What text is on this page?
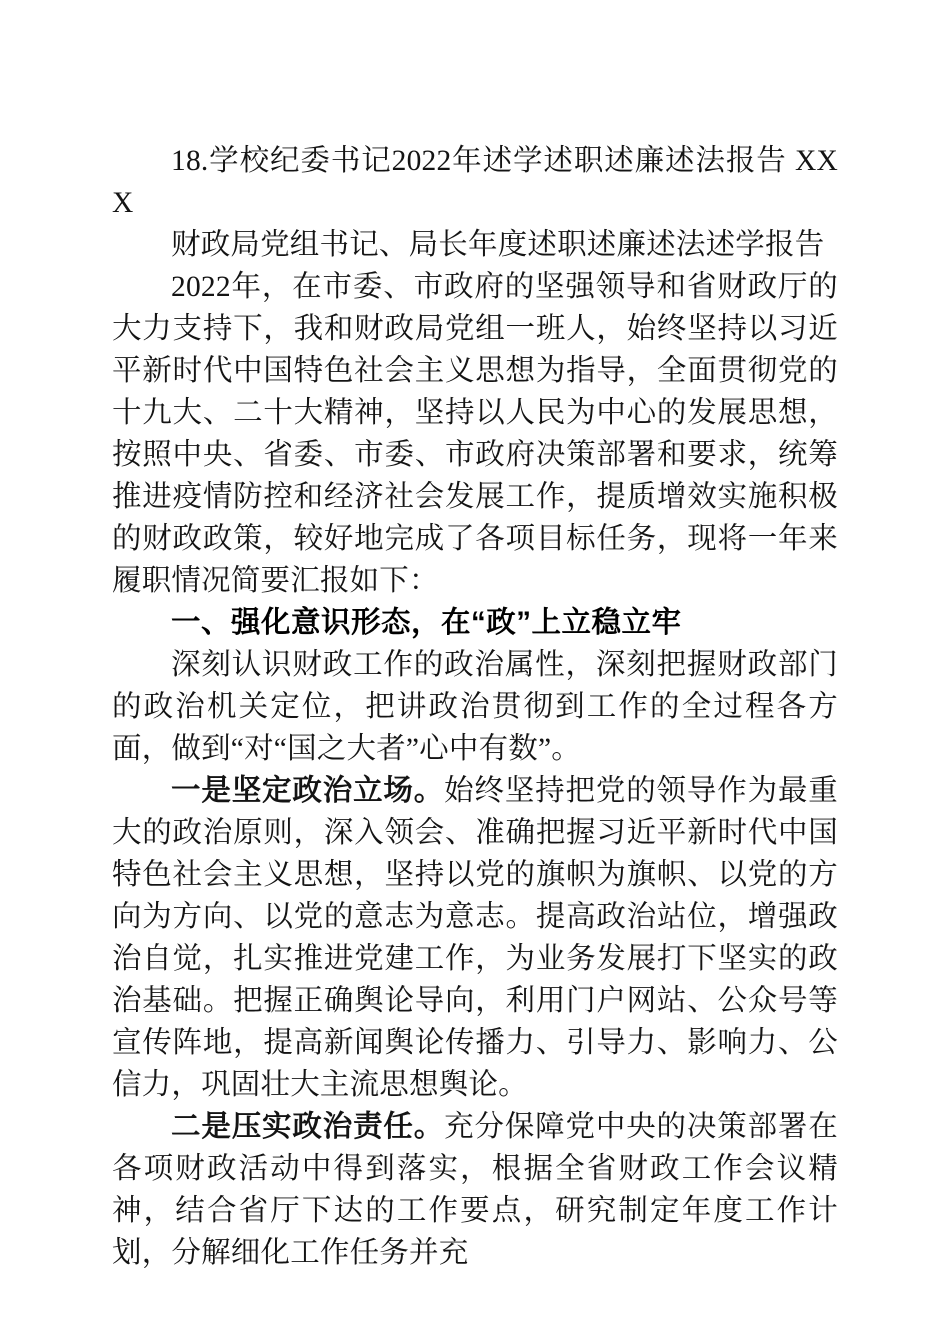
18.学校纪委书记2022年述学述职述廉述法报告 XXX

财政局党组书记、局长年度述职述廉述法述学报告

2022年，在市委、市政府的坚强领导和省财政厅的大力支持下，我和财政局党组一班人，始终坚持以习近平新时代中国特色社会主义思想为指导，全面贯彻党的十九大、二十大精神，坚持以人民为中心的发展思想，按照中央、省委、市委、市政府决策部署和要求，统筹推进疫情防控和经济社会发展工作，提质增效实施积极的财政政策，较好地完成了各项目标任务，现将一年来履职情况简要汇报如下：

一、强化意识形态，在“政”上立稳立牢

深刻认识财政工作的政治属性，深刻把握财政部门的政治机关定位，把讲政治贯彻到工作的全过程各方面，做到“对“国之大者”心中有数”。

一是坚定政治立场。始终坚持把党的领导作为最重大的政治原则，深入领会、准确把握习近平新时代中国特色社会主义思想，坚持以党的旗帜为旗帜、以党的方向为方向、以党的意志为意志。提高政治站位，增强政治自觉，扎实推进党建工作，为业务发展打下坚实的政治基础。把握正确舆论导向，利用门户网站、公众号等宣传阵地，提高新闻舆论传播力、引导力、影响力、公信力，巩固壮大主流思想舆论。

二是压实政治责任。充分保障党中央的决策部署在各项财政活动中得到落实，根据全省财政工作会议精神，结合省厅下达的工作要点，研究制定年度工作计划，分解细化工作任务并充
